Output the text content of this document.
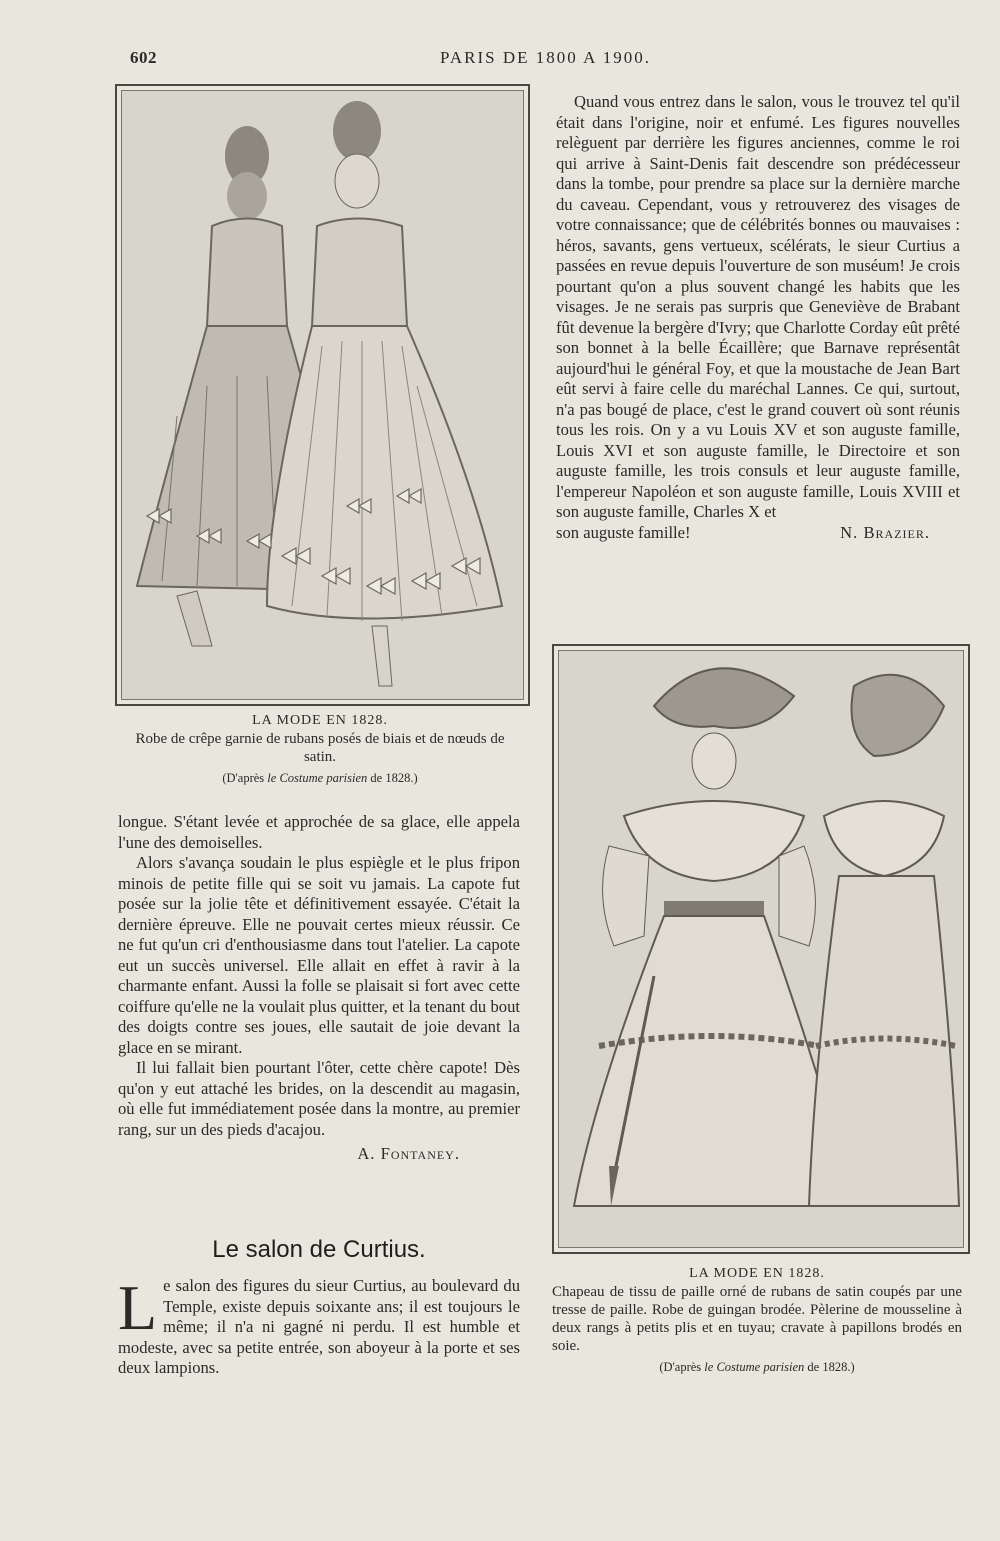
602	PARIS DE 1800 A 1900.
LA MODE EN 1828.
Robe de crêpe garnie de rubans posés de biais et de nœuds de satin.
(D'après le Costume parisien de 1828.)

Quand vous entrez dans le salon, vous le trouvez tel qu'il était dans l'origine, noir et enfumé. Les figures nouvelles relèguent par derrière les figures anciennes, comme le roi qui arrive à Saint-Denis fait descendre son prédécesseur dans la tombe, pour prendre sa place sur la dernière marche du caveau. Cependant, vous y retrouverez des visages de votre connaissance; que de célébrités bonnes ou mauvaises : héros, savants, gens vertueux, scélérats, le sieur Curtius a passées en revue depuis l'ouverture de son muséum! Je crois pourtant qu'on a plus souvent changé les habits que les visages. Je ne serais pas surpris que Geneviève de Brabant fût devenue la bergère d'Ivry; que Charlotte Corday eût prêté son bonnet à la belle Écaillère; que Barnave représentât aujourd'hui le général Foy, et que la moustache de Jean Bart eût servi à faire celle du maréchal Lannes. Ce qui, surtout, n'a pas bougé de place, c'est le grand couvert où sont réunis tous les rois. On y a vu Louis XV et son auguste famille, Louis XVI et son auguste famille, le Directoire et son auguste famille, les trois consuls et leur auguste famille, l'empereur Napoléon et son auguste famille, Louis XVIII et son auguste famille, Charles X et

son auguste famille!	N. Brazier.
LA MODE EN 1828.
Chapeau de tissu de paille orné de rubans de satin coupés par une tresse de paille. Robe de guingan brodée. Pèlerine de mousseline à deux rangs à petits plis et en tuyau; cravate à papillons brodés en soie.
(D'après le Costume parisien de 1828.)

longue. S'étant levée et approchée de sa glace, elle appela l'une des demoiselles.

Alors s'avança soudain le plus espiègle et le plus fripon minois de petite fille qui se soit vu jamais. La capote fut posée sur la jolie tête et définitivement essayée. C'était la dernière épreuve. Elle ne pouvait certes mieux réussir. Ce ne fut qu'un cri d'enthousiasme dans tout l'atelier. La capote eut un succès universel. Elle allait en effet à ravir à la charmante enfant. Aussi la folle se plaisait si fort avec cette coiffure qu'elle ne la voulait plus quitter, et la tenant du bout des doigts contre ses joues, elle sautait de joie devant la glace en se mirant.

Il lui fallait bien pourtant l'ôter, cette chère capote! Dès qu'on y eut attaché les brides, on la descendit au magasin, où elle fut immédiatement posée dans la montre, au premier rang, sur un des pieds d'acajou.

A. Fontaney.
Le salon de Curtius.
L e salon des figures du sieur Curtius, au boulevard du Temple, existe depuis soixante ans; il est toujours le même; il n'a ni gagné ni perdu. Il est humble et modeste, avec sa petite entrée, son aboyeur à la porte et ses deux lampions.
